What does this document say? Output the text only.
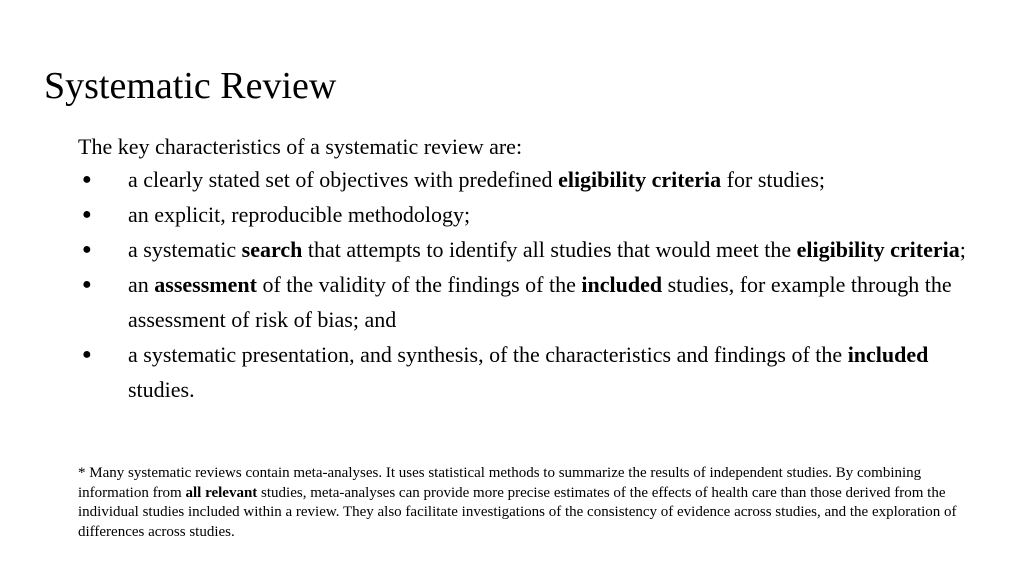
Systematic Review

The key characteristics of a systematic review are:

● a clearly stated set of objectives with predefined eligibility criteria for studies;
● an explicit, reproducible methodology;
● a systematic search that attempts to identify all studies that would meet the eligibility criteria;
● an assessment of the validity of the findings of the included studies, for example through the assessment of risk of bias; and
● a systematic presentation, and synthesis, of the characteristics and findings of the included studies.
* Many systematic reviews contain meta-analyses. It uses statistical methods to summarize the results of independent studies. By combining information from all relevant studies, meta-analyses can provide more precise estimates of the effects of health care than those derived from the individual studies included within a review. They also facilitate investigations of the consistency of evidence across studies, and the exploration of differences across studies.
